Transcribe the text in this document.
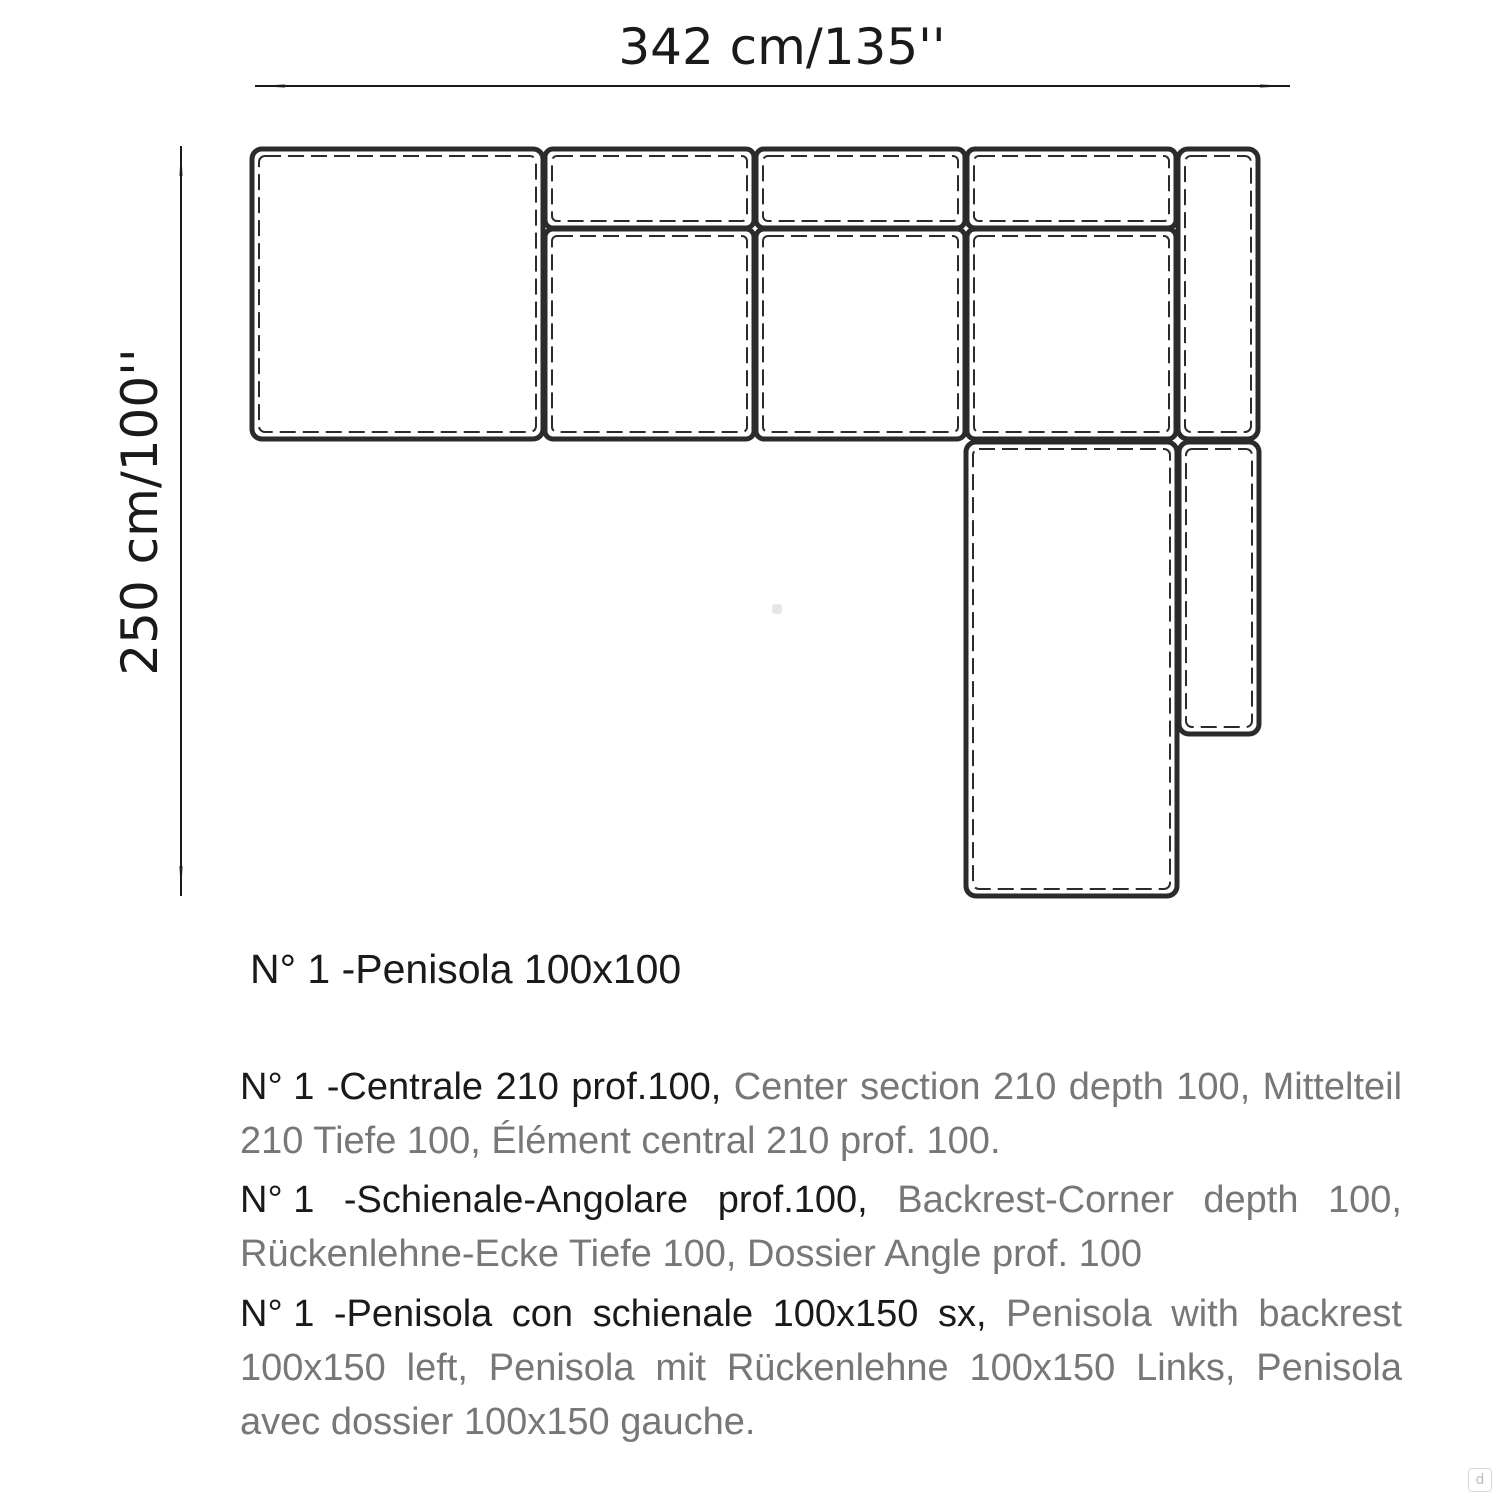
342 cm/135''
250 cm/100''
N° 1 -Penisola 100x100
N° 1 -Centrale 210 prof.100, Center section 210 depth 100, Mittelteil 210 Tiefe 100, Élément central 210 prof. 100.
N° 1 -Schienale-Angolare prof.100, Backrest-Corner depth 100, Rückenlehne-Ecke Tiefe 100, Dossier Angle prof. 100
N° 1 -Penisola con schienale 100x150 sx, Penisola with backrest 100x150 left, Penisola mit Rückenlehne 100x150 Links, Penisola avec dossier 100x150 gauche.
d
